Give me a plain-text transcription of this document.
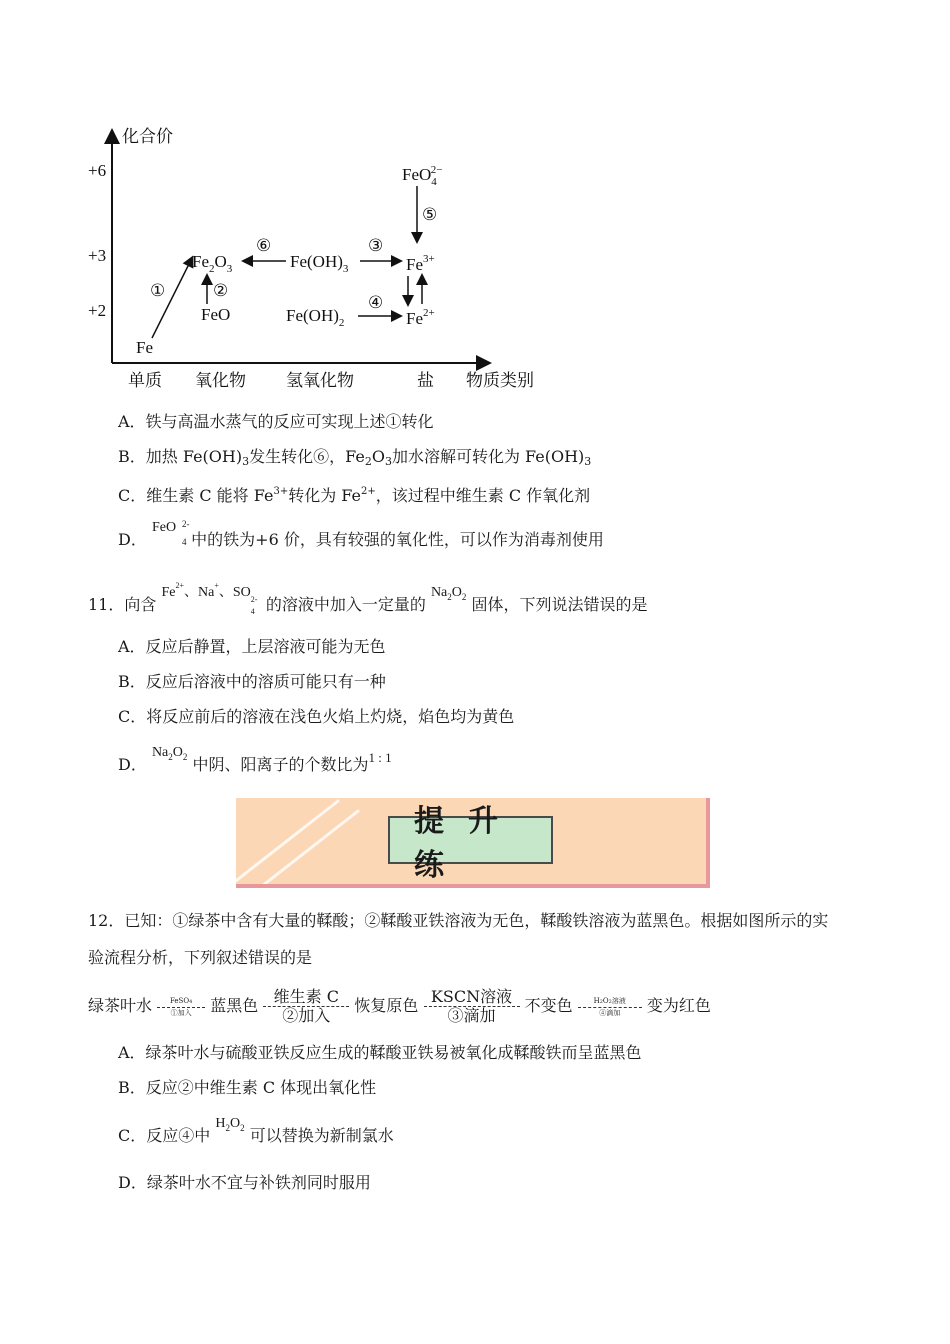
化合价
物质类别
+6
+3
+2
单质 氧化物 氢氧化物	盐
FeO$_4$2−
$Fe_2O_3$	$Fe(OH)_3$	$Fe^{3+}$
FeO	$Fe(OH)_2$	$Fe^{2+}$
Fe
①	②
③
④
⑤
⑥
A．铁与高温水蒸气的反应可实现上述①转化
B．加热 $Fe(OH)_3$发生转化⑥，$Fe_2O_3$加水溶解可转化为 $Fe(OH)_3$
C．维生素 C 能将 $Fe^{3+}$转化为 $Fe^{2+}$，该过程中维生素 C 作氧化剂
D． FeO
4
2-
中的铁为+6 价，具有较强的氧化性，可以作为消毒剂使用
11．向含 $Fe^{2+}$、Na+、SO 2-
4 的溶液中加入一定量的 $Na_2O_2$ 固体，下列说法错误的是
A．反应后静置，上层溶液可能为无色
B．反应后溶液中的溶质可能只有一种
C．将反应前后的溶液在浅色火焰上灼烧，焰色均为黄色
D． $Na_2O_2$ 中阴、阳离子的个数比为1 : 1
提升练
12．已知：①绿茶中含有大量的鞣酸；②鞣酸亚铁溶液为无色，鞣酸铁溶液为蓝黑色。根据如图所示的实
验流程分析，下列叙述错误的是
绿茶叶水	FeSO4
①加入	蓝黑色 维生素 C
②加入
恢复原色 KSCN溶液
③滴加
不变色	H2O2溶液
④滴加	变为红色
A．绿茶叶水与硫酸亚铁反应生成的鞣酸亚铁易被氧化成鞣酸铁而呈蓝黑色
B．反应②中维生素 C 体现出氧化性
C．反应④中 $H_2O_2$ 可以替换为新制氯水
D．绿茶叶水不宜与补铁剂同时服用
